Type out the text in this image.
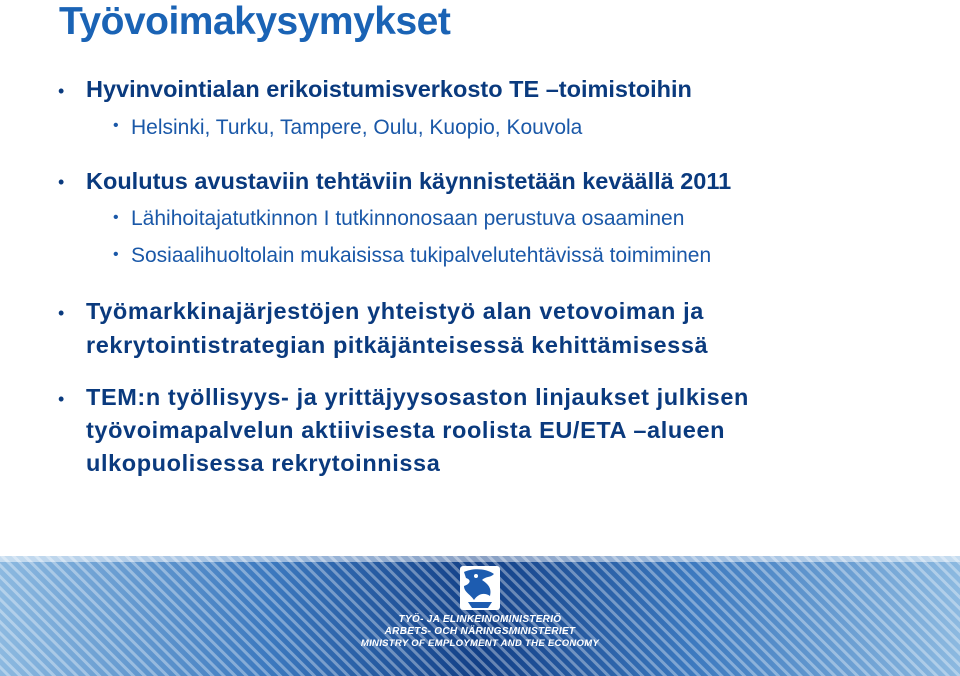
Työvoimakysymykset
• Hyvinvointialan erikoistumisverkosto TE –toimistoihin
• Helsinki, Turku, Tampere, Oulu, Kuopio, Kouvola
• Koulutus avustaviin tehtäviin käynnistetään keväällä 2011
• Lähihoitajatutkinnon I tutkinnonosaan perustuva osaaminen
• Sosiaalihuoltolain mukaisissa tukipalvelutehtävissä toimiminen
• Työmarkkinajärjestöjen yhteistyö alan vetovoiman ja
rekrytointistrategian pitkäjänteisessä kehittämisessä
• TEM:n työllisyys- ja yrittäjyysosaston linjaukset julkisen
työvoimapalvelun aktiivisesta roolista EU/ETA –alueen
ulkopuolisessa rekrytoinnissa
TYÖ- JA ELINKEINOMINISTERIÖ
ARBETS- OCH NÄRINGSMINISTERIET
MINISTRY OF EMPLOYMENT AND THE ECONOMY
